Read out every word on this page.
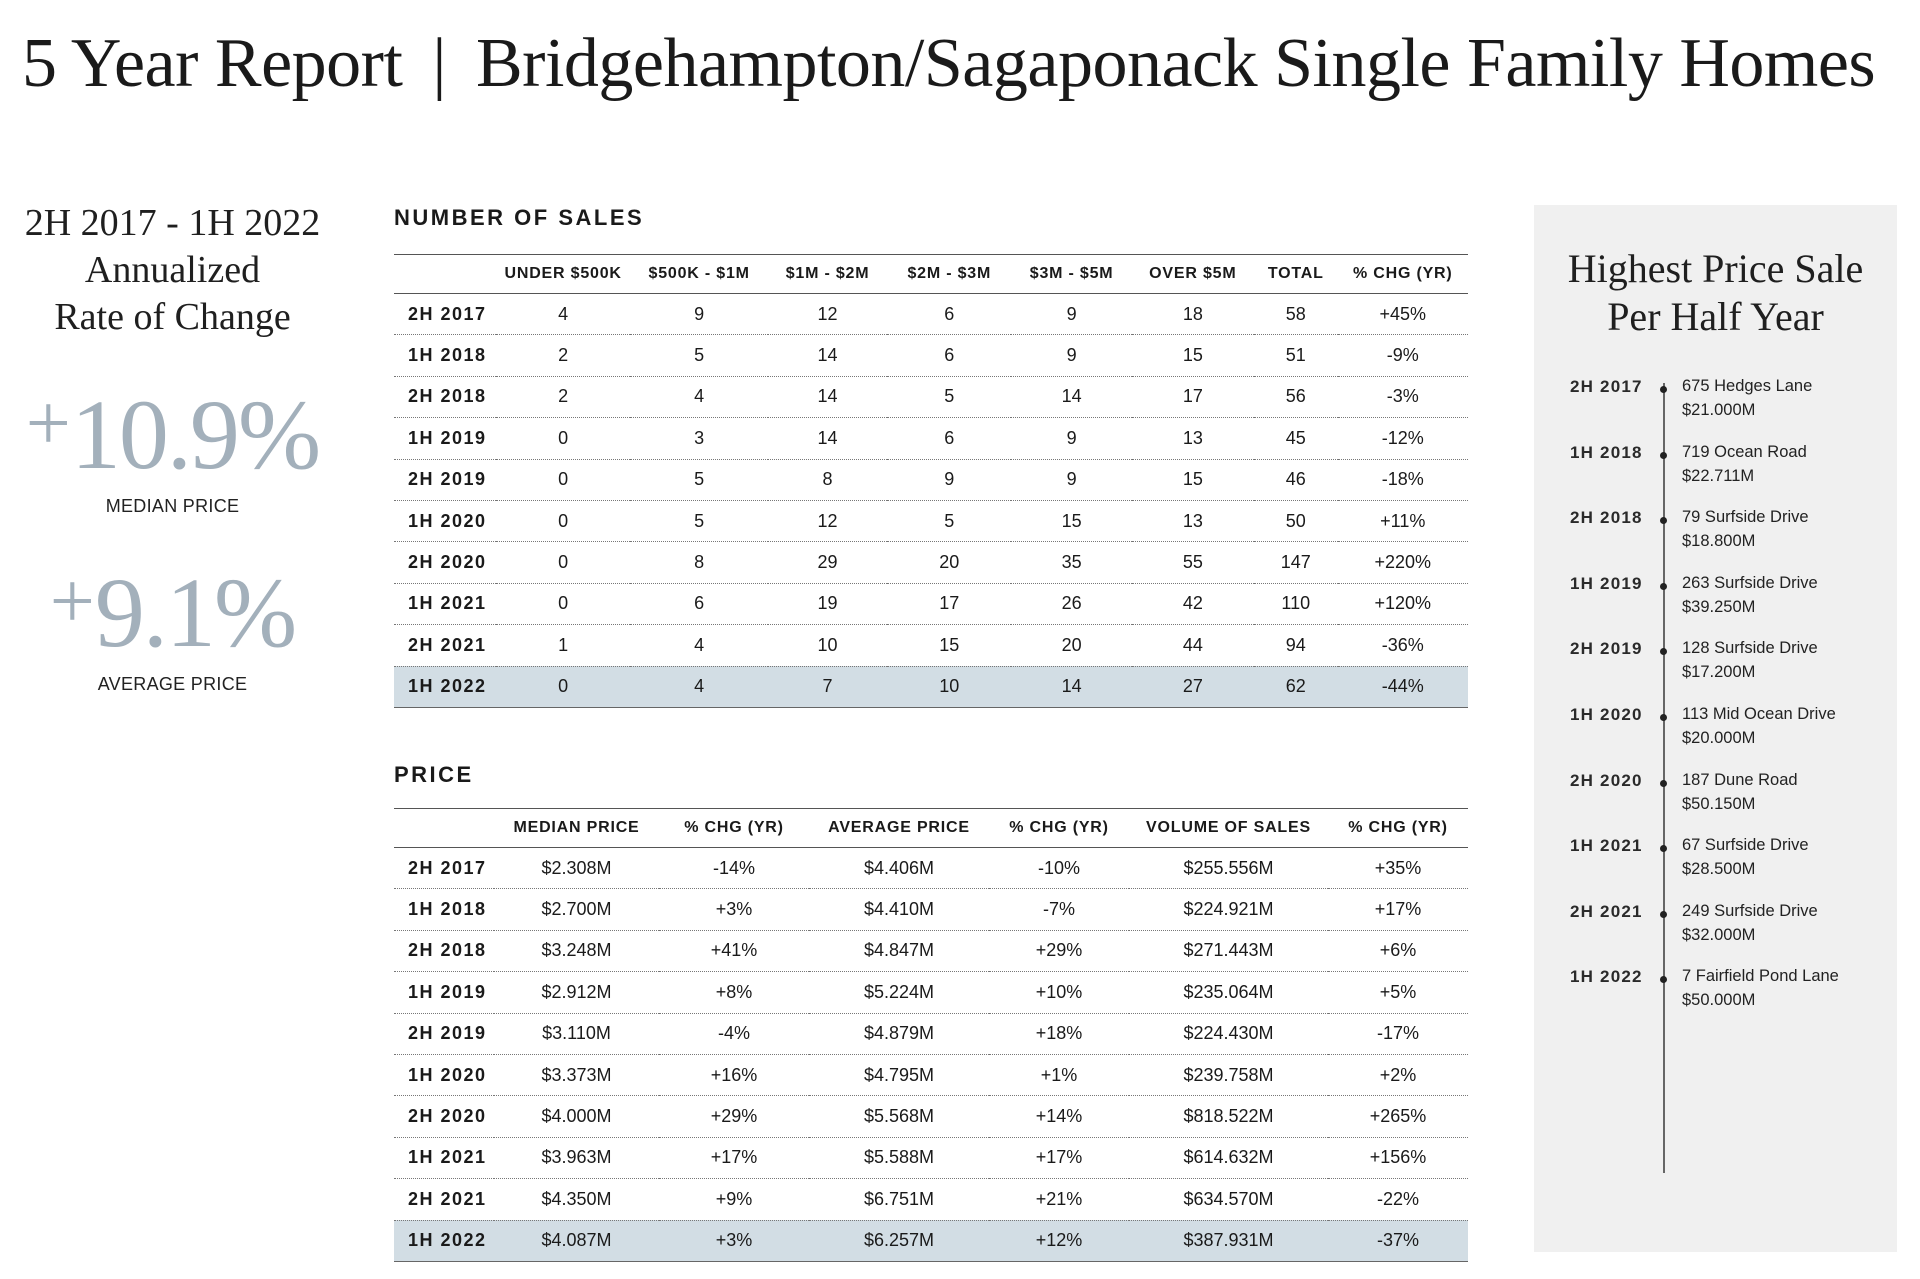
5 Year Report | Bridgehampton/Sagaponack Single Family Homes
2H 2017 - 1H 2022
Annualized
Rate of Change
+10.9%
MEDIAN PRICE
+9.1%
AVERAGE PRICE
NUMBER OF SALES
	UNDER $500K	$500K - $1M	$1M - $2M	$2M - $3M	$3M - $5M	OVER $5M	TOTAL	% CHG (YR)
2H 2017	4	9	12	6	9	18	58	+45%
1H 2018	2	5	14	6	9	15	51	-9%
2H 2018	2	4	14	5	14	17	56	-3%
1H 2019	0	3	14	6	9	13	45	-12%
2H 2019	0	5	8	9	9	15	46	-18%
1H 2020	0	5	12	5	15	13	50	+11%
2H 2020	0	8	29	20	35	55	147	+220%
1H 2021	0	6	19	17	26	42	110	+120%
2H 2021	1	4	10	15	20	44	94	-36%
1H 2022	0	4	7	10	14	27	62	-44%
PRICE
	MEDIAN PRICE	% CHG (YR)	AVERAGE PRICE	% CHG (YR)	VOLUME OF SALES	% CHG (YR)
2H 2017	$2.308M	-14%	$4.406M	-10%	$255.556M	+35%
1H 2018	$2.700M	+3%	$4.410M	-7%	$224.921M	+17%
2H 2018	$3.248M	+41%	$4.847M	+29%	$271.443M	+6%
1H 2019	$2.912M	+8%	$5.224M	+10%	$235.064M	+5%
2H 2019	$3.110M	-4%	$4.879M	+18%	$224.430M	-17%
1H 2020	$3.373M	+16%	$4.795M	+1%	$239.758M	+2%
2H 2020	$4.000M	+29%	$5.568M	+14%	$818.522M	+265%
1H 2021	$3.963M	+17%	$5.588M	+17%	$614.632M	+156%
2H 2021	$4.350M	+9%	$6.751M	+21%	$634.570M	-22%
1H 2022	$4.087M	+3%	$6.257M	+12%	$387.931M	-37%
Highest Price Sale
Per Half Year
2H 2017	675 Hedges Lane
$21.000M
1H 2018	719 Ocean Road
$22.711M
2H 2018	79 Surfside Drive
$18.800M
1H 2019	263 Surfside Drive
$39.250M
2H 2019	128 Surfside Drive
$17.200M
1H 2020	113 Mid Ocean Drive
$20.000M
2H 2020	187 Dune Road
$50.150M
1H 2021	67 Surfside Drive
$28.500M
2H 2021	249 Surfside Drive
$32.000M
1H 2022	7 Fairfield Pond Lane
$50.000M
